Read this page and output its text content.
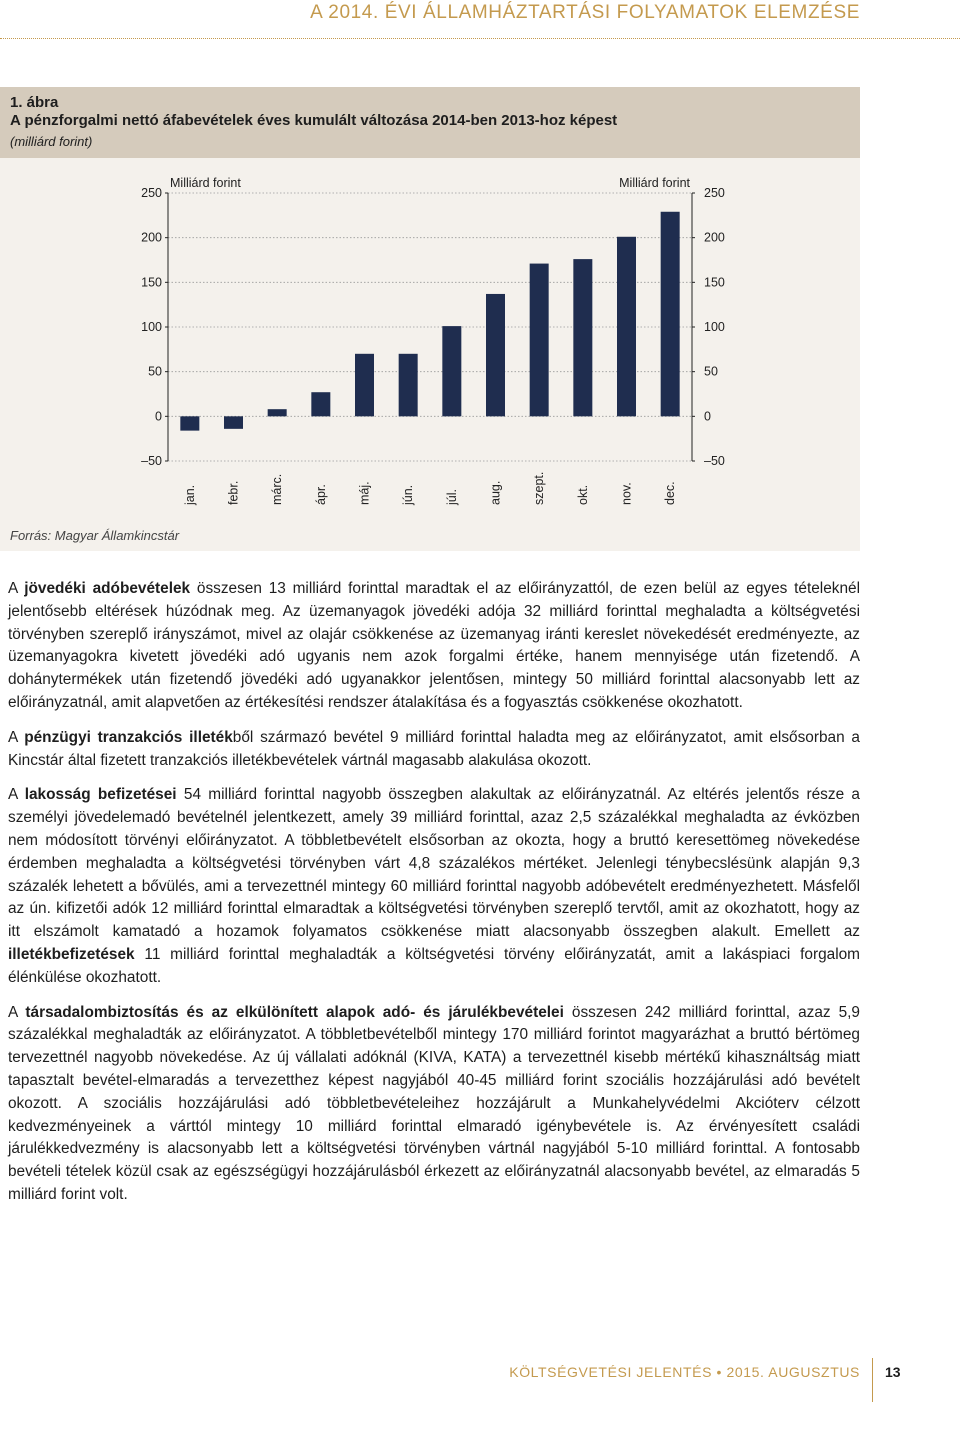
A 2014. ÉVI ÁLLAMHÁZTARTÁSI FOLYAMATOK ELEMZÉSE
1. ábra
A pénzforgalmi nettó áfabevételek éves kumulált változása 2014-ben 2013-hoz képest
(milliárd forint)
250	250
200	200
150	150
100	100
50	50
0	0
–50	–50
Milliárd forint	Milliárd forint
jan. febr. márc. ápr. máj. jún. júl. aug. szept. okt. nov. dec.
Forrás: Magyar Államkincstár

A jövedéki adóbevételek összesen 13 milliárd forinttal maradtak el az előirányzattól, de ezen belül az egyes tételeknél jelentősebb eltérések húzódnak meg. Az üzemanyagok jövedéki adója 32 milliárd forinttal meghaladta a költségvetési törvényben szereplő irányszámot, mivel az olajár csökkenése az üzemanyag iránti kereslet növekedését eredményezte, az üzemanyagokra kivetett jövedéki adó ugyanis nem azok forgalmi értéke, hanem mennyisége után fizetendő. A dohánytermékek után fizetendő jövedéki adó ugyanakkor jelentősen, mintegy 50 milliárd forinttal alacsonyabb lett az előirányzatnál, amit alapvetően az értékesítési rendszer átalakítása és a fogyasztás csökkenése okozhatott.

A pénzügyi tranzakciós illetékből származó bevétel 9 milliárd forinttal haladta meg az előirányzatot, amit elsősorban a Kincstár által fizetett tranzakciós illetékbevételek vártnál magasabb alakulása okozott.

A lakosság befizetései 54 milliárd forinttal nagyobb összegben alakultak az előirányzatnál. Az eltérés jelentős része a személyi jövedelemadó bevételnél jelentkezett, amely 39 milliárd forinttal, azaz 2,5 százalékkal meghaladta az évközben nem módosított törvényi előirányzatot. A többletbevételt elsősorban az okozta, hogy a bruttó keresettömeg növekedése érdemben meghaladta a költségvetési törvényben várt 4,8 százalékos mértéket. Jelenlegi ténybecslésünk alapján 9,3 százalék lehetett a bővülés, ami a tervezettnél mintegy 60 milliárd forinttal nagyobb adóbevételt eredményezhetett. Másfelől az ún. kifizetői adók 12 milliárd forinttal elmaradtak a költségvetési törvényben szereplő tervtől, amit az okozhatott, hogy az itt elszámolt kamatadó a hozamok folyamatos csökkenése miatt alacsonyabb összegben alakult. Emellett az illetékbefizetések 11 milliárd forinttal meghaladták a költségvetési törvény előirányzatát, amit a lakáspiaci forgalom élénkülése okozhatott.

A társadalombiztosítás és az elkülönített alapok adó- és járulékbevételei összesen 242 milliárd forinttal, azaz 5,9 százalékkal meghaladták az előirányzatot. A többletbevételből mintegy 170 milliárd forintot magyarázhat a bruttó bértömeg tervezettnél nagyobb növekedése. Az új vállalati adóknál (KIVA, KATA) a tervezettnél kisebb mértékű kihasználtság miatt tapasztalt bevétel-elmaradás a tervezetthez képest nagyjából 40-45 milliárd forint szociális hozzájárulási adó bevételt okozott. A szociális hozzájárulási adó többletbevételeihez hozzájárult a Munkahelyvédelmi Akcióterv célzott kedvezményeinek a várttól mintegy 10 milliárd forinttal elmaradó igénybevétele is. Az érvényesített családi járulékkedvezmény is alacsonyabb lett a költségvetési törvényben vártnál nagyjából 5-10 milliárd forinttal. A fontosabb bevételi tételek közül csak az egészségügyi hozzájárulásból érkezett az előirányzatnál alacsonyabb bevétel, az elmaradás 5 milliárd forint volt.

KÖLTSÉGVETÉSI JELENTÉS • 2015. AUGUSZTUS 13
